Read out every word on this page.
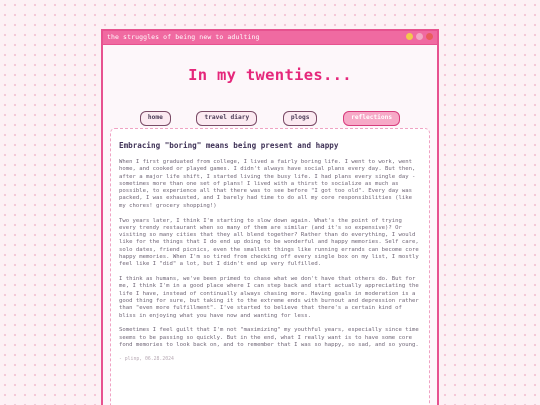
the struggles of being new to adulting
In my twenties...
home	travel diary	plogs	reflections
Embracing "boring" means being present and happy

When I first graduated from college, I lived a fairly boring life. I went to work, went home, and cooked or played games. I didn't always have social plans every day. But then, after a major life shift, I started living the busy life. I had plans every single day - sometimes more than one set of plans! I lived with a thirst to socialize as much as possible, to experience all that there was to see before "I got too old". Every day was packed, I was exhausted, and I barely had time to do all my core responsibilities (like my chores! grocery shopping!)

Two years later, I think I'm starting to slow down again. What's the point of trying every trendy restaurant when so many of them are similar (and it's so expensive)? Or visiting so many cities that they all blend together? Rather than do everything, I would like for the things that I do end up doing to be wonderful and happy memories. Self care, solo dates, friend picnics, even the smallest things like running errands can become core happy memories. When I'm so tired from checking off every single box on my list, I mostly feel like I "did" a lot, but I didn't end up very fulfilled.

I think as humans, we've been primed to chase what we don't have that others do. But for me, I think I'm in a good place where I can step back and start actually appreciating the life I have, instead of continually always chasing more. Having goals in moderation is a good thing for sure, but taking it to the extreme ends with burnout and depression rather than "even more fulfillment". I've started to believe that there's a certain kind of bliss in enjoying what you have now and wanting for less.

Sometimes I feel guilt that I'm not "maximizing" my youthful years, especially since time seems to be passing so quickly. But in the end, what I really want is to have some core fond memories to look back on, and to remember that I was so happy, so sad, and so young.

- plinp, 06.28.2024
